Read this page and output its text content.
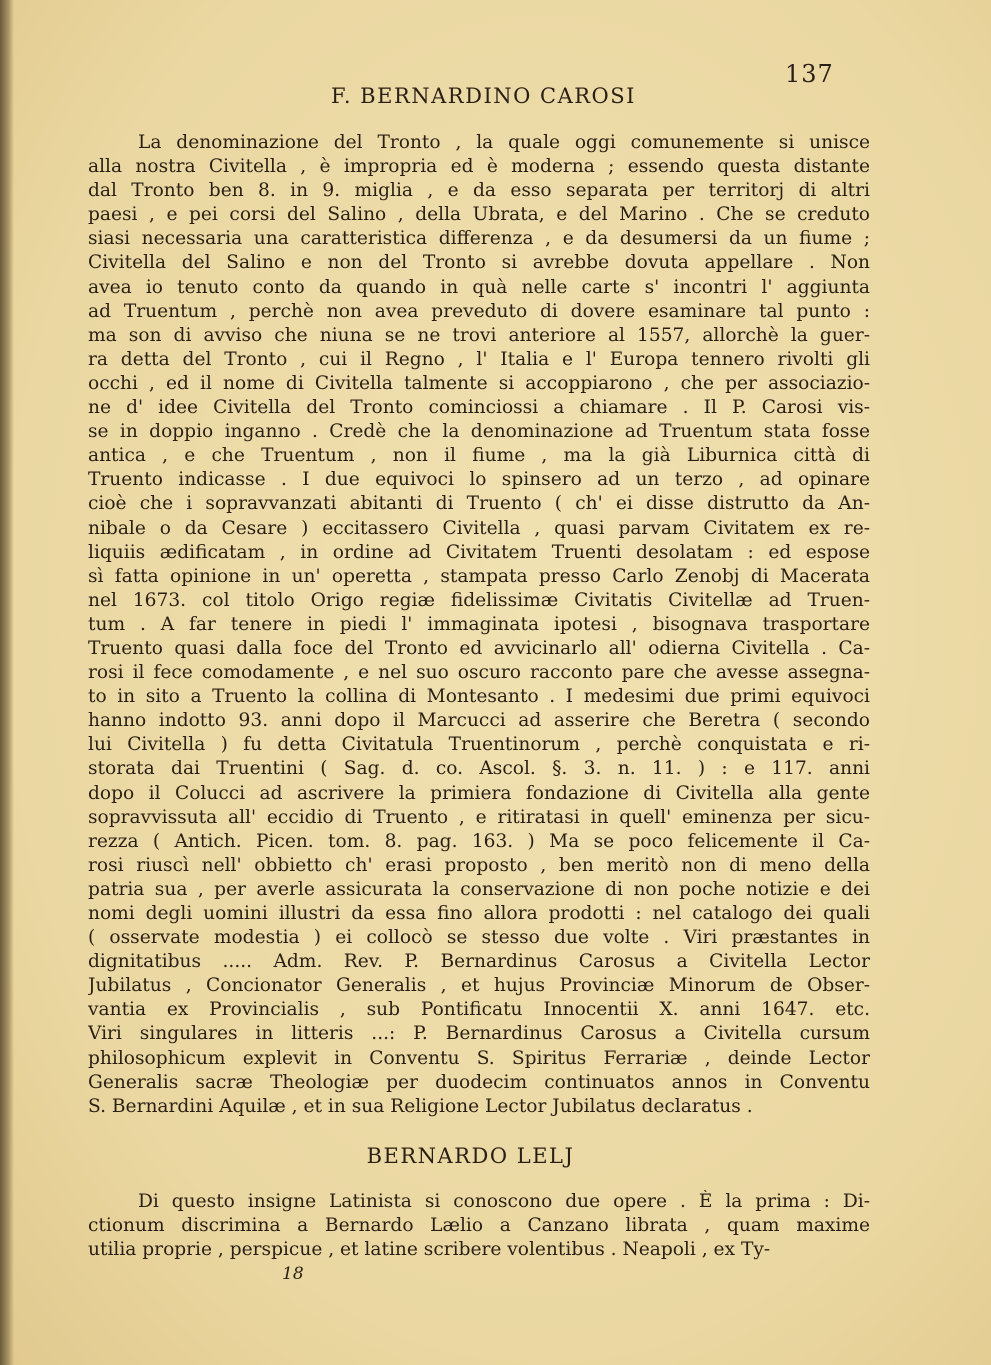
137
F. BERNARDINO CAROSI
La denominazione del Tronto , la quale oggi comunemente si unisce
alla nostra Civitella , è impropria ed è moderna ; essendo questa distante
dal Tronto ben 8. in 9. miglia , e da esso separata per territorj di altri
paesi , e pei corsi del Salino , della Ubrata, e del Marino . Che se creduto
siasi necessaria una caratteristica differenza , e da desumersi da un fiume ;
Civitella del Salino e non del Tronto si avrebbe dovuta appellare . Non
avea io tenuto conto da quando in quà nelle carte s' incontri l' aggiunta
ad Truentum , perchè non avea preveduto di dovere esaminare tal punto :
ma son di avviso che niuna se ne trovi anteriore al 1557, allorchè la guer-
ra detta del Tronto , cui il Regno , l' Italia e l' Europa tennero rivolti gli
occhi , ed il nome di Civitella talmente si accoppiarono , che per associazio-
ne d' idee Civitella del Tronto cominciossi a chiamare . Il P. Carosi vis-
se in doppio inganno . Credè che la denominazione ad Truentum stata fosse
antica , e che Truentum , non il fiume , ma la già Liburnica città di
Truento indicasse . I due equivoci lo spinsero ad un terzo , ad opinare
cioè che i sopravvanzati abitanti di Truento ( ch' ei disse distrutto da An-
nibale o da Cesare ) eccitassero Civitella , quasi parvam Civitatem ex re-
liquiis ædificatam , in ordine ad Civitatem Truenti desolatam : ed espose
sì fatta opinione in un' operetta , stampata presso Carlo Zenobj di Macerata
nel 1673. col titolo Origo regiæ fidelissimæ Civitatis Civitellæ ad Truen-
tum . A far tenere in piedi l' immaginata ipotesi , bisognava trasportare
Truento quasi dalla foce del Tronto ed avvicinarlo all' odierna Civitella . Ca-
rosi il fece comodamente , e nel suo oscuro racconto pare che avesse assegna-
to in sito a Truento la collina di Montesanto . I medesimi due primi equivoci
hanno indotto 93. anni dopo il Marcucci ad asserire che Beretra ( secondo
lui Civitella ) fu detta Civitatula Truentinorum , perchè conquistata e ri-
storata dai Truentini ( Sag. d. co. Ascol. §. 3. n. 11. ) : e 117. anni
dopo il Colucci ad ascrivere la primiera fondazione di Civitella alla gente
sopravvissuta all' eccidio di Truento , e ritiratasi in quell' eminenza per sicu-
rezza ( Antich. Picen. tom. 8. pag. 163. ) Ma se poco felicemente il Ca-
rosi riuscì nell' obbietto ch' erasi proposto , ben meritò non di meno della
patria sua , per averle assicurata la conservazione di non poche notizie e dei
nomi degli uomini illustri da essa fino allora prodotti : nel catalogo dei quali
( osservate modestia ) ei collocò se stesso due volte . Viri præstantes in
dignitatibus ..... Adm. Rev. P. Bernardinus Carosus a Civitella Lector
Jubilatus , Concionator Generalis , et hujus Provinciæ Minorum de Obser-
vantia ex Provincialis , sub Pontificatu Innocentii X. anni 1647. etc.
Viri singulares in litteris ...: P. Bernardinus Carosus a Civitella cursum
philosophicum explevit in Conventu S. Spiritus Ferrariæ , deinde Lector
Generalis sacræ Theologiæ per duodecim continuatos annos in Conventu
S. Bernardini Aquilæ , et in sua Religione Lector Jubilatus declaratus .
BERNARDO LELJ
Di questo insigne Latinista si conoscono due opere . È la prima : Di-
ctionum discrimina a Bernardo Lælio a Canzano librata , quam maxime
utilia proprie , perspicue , et latine scribere volentibus . Neapoli , ex Ty-
18
